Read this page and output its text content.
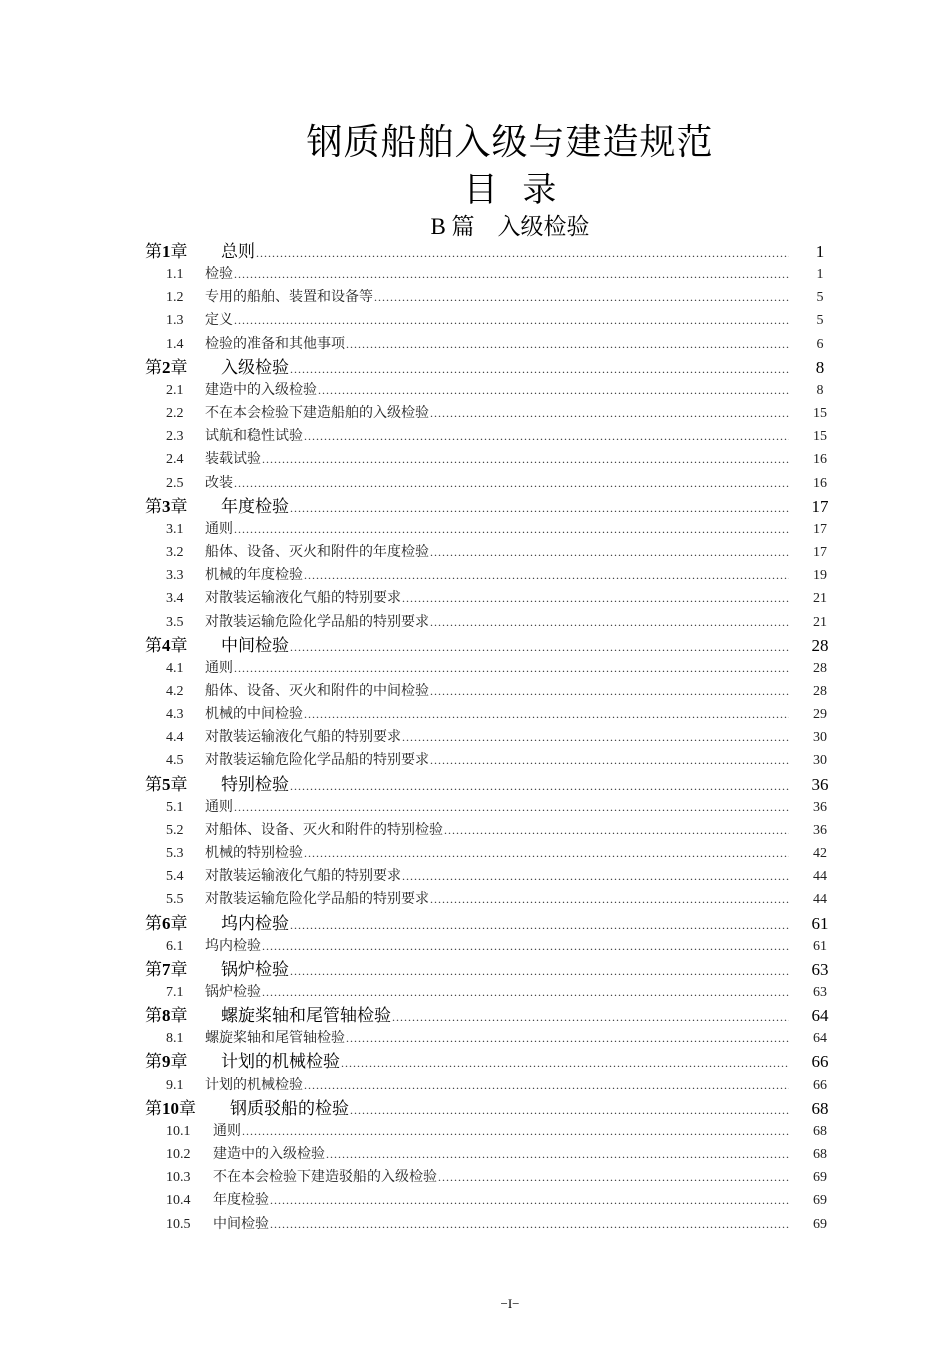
钢质船舶入级与建造规范
目 录
B 篇　入级检验
第1章	总则 .....	1
1.1	检验 .....	1
1.2	专用的船舶、装置和设备等 .....	5
1.3	定义 .....	5
1.4	检验的准备和其他事项 .....	6
第2章	入级检验 .....	8
2.1	建造中的入级检验 .....	8
2.2	不在本会检验下建造船舶的入级检验 .....	15
2.3	试航和稳性试验 .....	15
2.4	装载试验 .....	16
2.5	改装 .....	16
第3章	年度检验 .....	17
3.1	通则 .....	17
3.2	船体、设备、灭火和附件的年度检验 .....	17
3.3	机械的年度检验 .....	19
3.4	对散装运输液化气船的特别要求 .....	21
3.5	对散装运输危险化学品船的特别要求 .....	21
第4章	中间检验 .....	28
4.1	通则 .....	28
4.2	船体、设备、灭火和附件的中间检验 .....	28
4.3	机械的中间检验 .....	29
4.4	对散装运输液化气船的特别要求 .....	30
4.5	对散装运输危险化学品船的特别要求 .....	30
第5章	特别检验 .....	36
5.1	通则 .....	36
5.2	对船体、设备、灭火和附件的特别检验 .....	36
5.3	机械的特别检验 .....	42
5.4	对散装运输液化气船的特别要求 .....	44
5.5	对散装运输危险化学品船的特别要求 .....	44
第6章	坞内检验 .....	61
6.1	坞内检验 .....	61
第7章	锅炉检验 .....	63
7.1	锅炉检验 .....	63
第8章	螺旋桨轴和尾管轴检验 .....	64
8.1	螺旋桨轴和尾管轴检验 .....	64
第9章	计划的机械检验 .....	66
9.1	计划的机械检验 .....	66
第10章	钢质驳船的检验 .....	68
10.1	通则 .....	68
10.2	建造中的入级检验 .....	68
10.3	不在本会检验下建造驳船的入级检验 .....	69
10.4	年度检验 .....	69
10.5	中间检验 .....	69
−I−
